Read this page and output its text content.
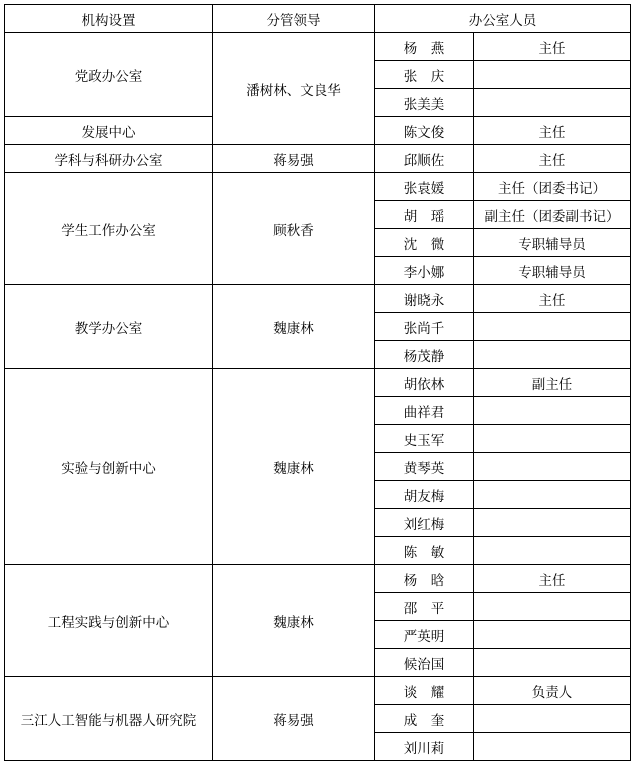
机构设置	分管领导	办公室人员	
党政办公室	潘树林、文良华	杨　燕	主任
		张　庆	
		张美美	
发展中心		陈文俊	主任
学科与科研办公室	蒋易强	邱顺佐	主任
学生工作办公室	顾秋香	张袁媛	主任（团委书记）
		胡　瑶	副主任（团委副书记）
		沈　微	专职辅导员
		李小娜	专职辅导员
教学办公室	魏康林	谢晓永	主任
		张尚千	
		杨茂静	
实验与创新中心	魏康林	胡依林	副主任
		曲祥君	
		史玉军	
		黄琴英	
		胡友梅	
		刘红梅	
		陈　敏	
工程实践与创新中心	魏康林	杨　晗	主任
		邵　平	
		严英明	
		候治国	
三江人工智能与机器人研究院	蒋易强	谈　耀	负责人
		成　奎	
		刘川莉	
